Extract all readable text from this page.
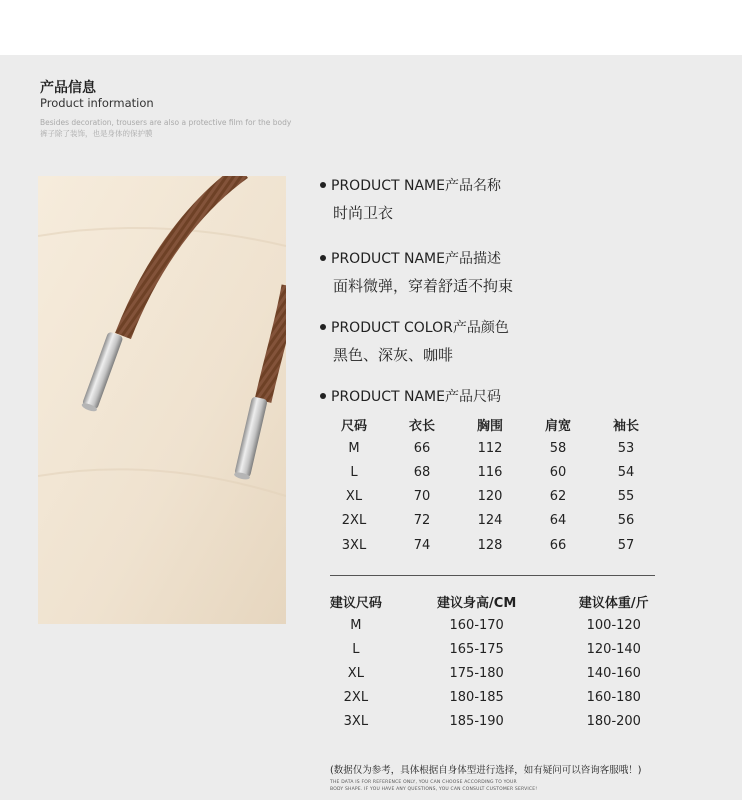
产品信息
Product information
Besides decoration, trousers are also a protective film for the body
裤子除了装饰，也是身体的保护膜
PRODUCT NAME产品名称
时尚卫衣
PRODUCT NAME产品描述
面料微弹，穿着舒适不拘束
PRODUCT COLOR产品颜色
黑色、深灰、咖啡
PRODUCT NAME产品尺码
尺码	衣长	胸围	肩宽	袖长
M	66	112	58	53
L	68	116	60	54
XL	70	120	62	55
2XL	72	124	64	56
3XL	74	128	66	57
建议尺码	建议身高/CM	建议体重/斤
M	160-170	100-120
L	165-175	120-140
XL	175-180	140-160
2XL	180-185	160-180
3XL	185-190	180-200
(数据仅为参考，具体根据自身体型进行选择，如有疑问可以咨询客服哦！)
THE DATA IS FOR REFERENCE ONLY, YOU CAN CHOOSE ACCORDING TO YOUR
BODY SHAPE. IF YOU HAVE ANY QUESTIONS, YOU CAN CONSULT CUSTOMER SERVICE!
